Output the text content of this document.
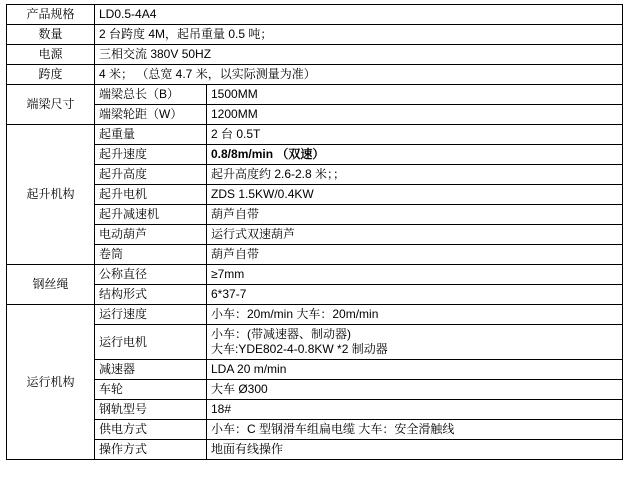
产品规格	LD0.5-4A4	
数量	2 台跨度 4M，起吊重量 0.5 吨；	
电源	三相交流 380V 50HZ	
跨度	4 米； （总宽 4.7 米，以实际测量为准）	
端梁尺寸	端梁总长（B）	1500MM
	端梁轮距（W）	1200MM
起升机构	起重量	2 台 0.5T
	起升速度	0.8/8m/min （双速）
	起升高度	起升高度约 2.6-2.8 米；；
	起升电机	ZDS 1.5KW/0.4KW
	起升减速机	葫芦自带
	电动葫芦	运行式双速葫芦
	卷筒	葫芦自带
钢丝绳	公称直径	≥7mm
	结构形式	6*37-7
运行机构	运行速度	小车：20m/min 大车：20m/min
	运行电机	小车：(带减速器、制动器)
大车:YDE802-4-0.8KW *2 制动器

	减速器	LDA 20 m/min
	车轮	大车 Ø300
	钢轨型号	18#
	供电方式	小车：C 型钢滑车组扁电缆 大车：安全滑触线
	操作方式	地面有线操作
